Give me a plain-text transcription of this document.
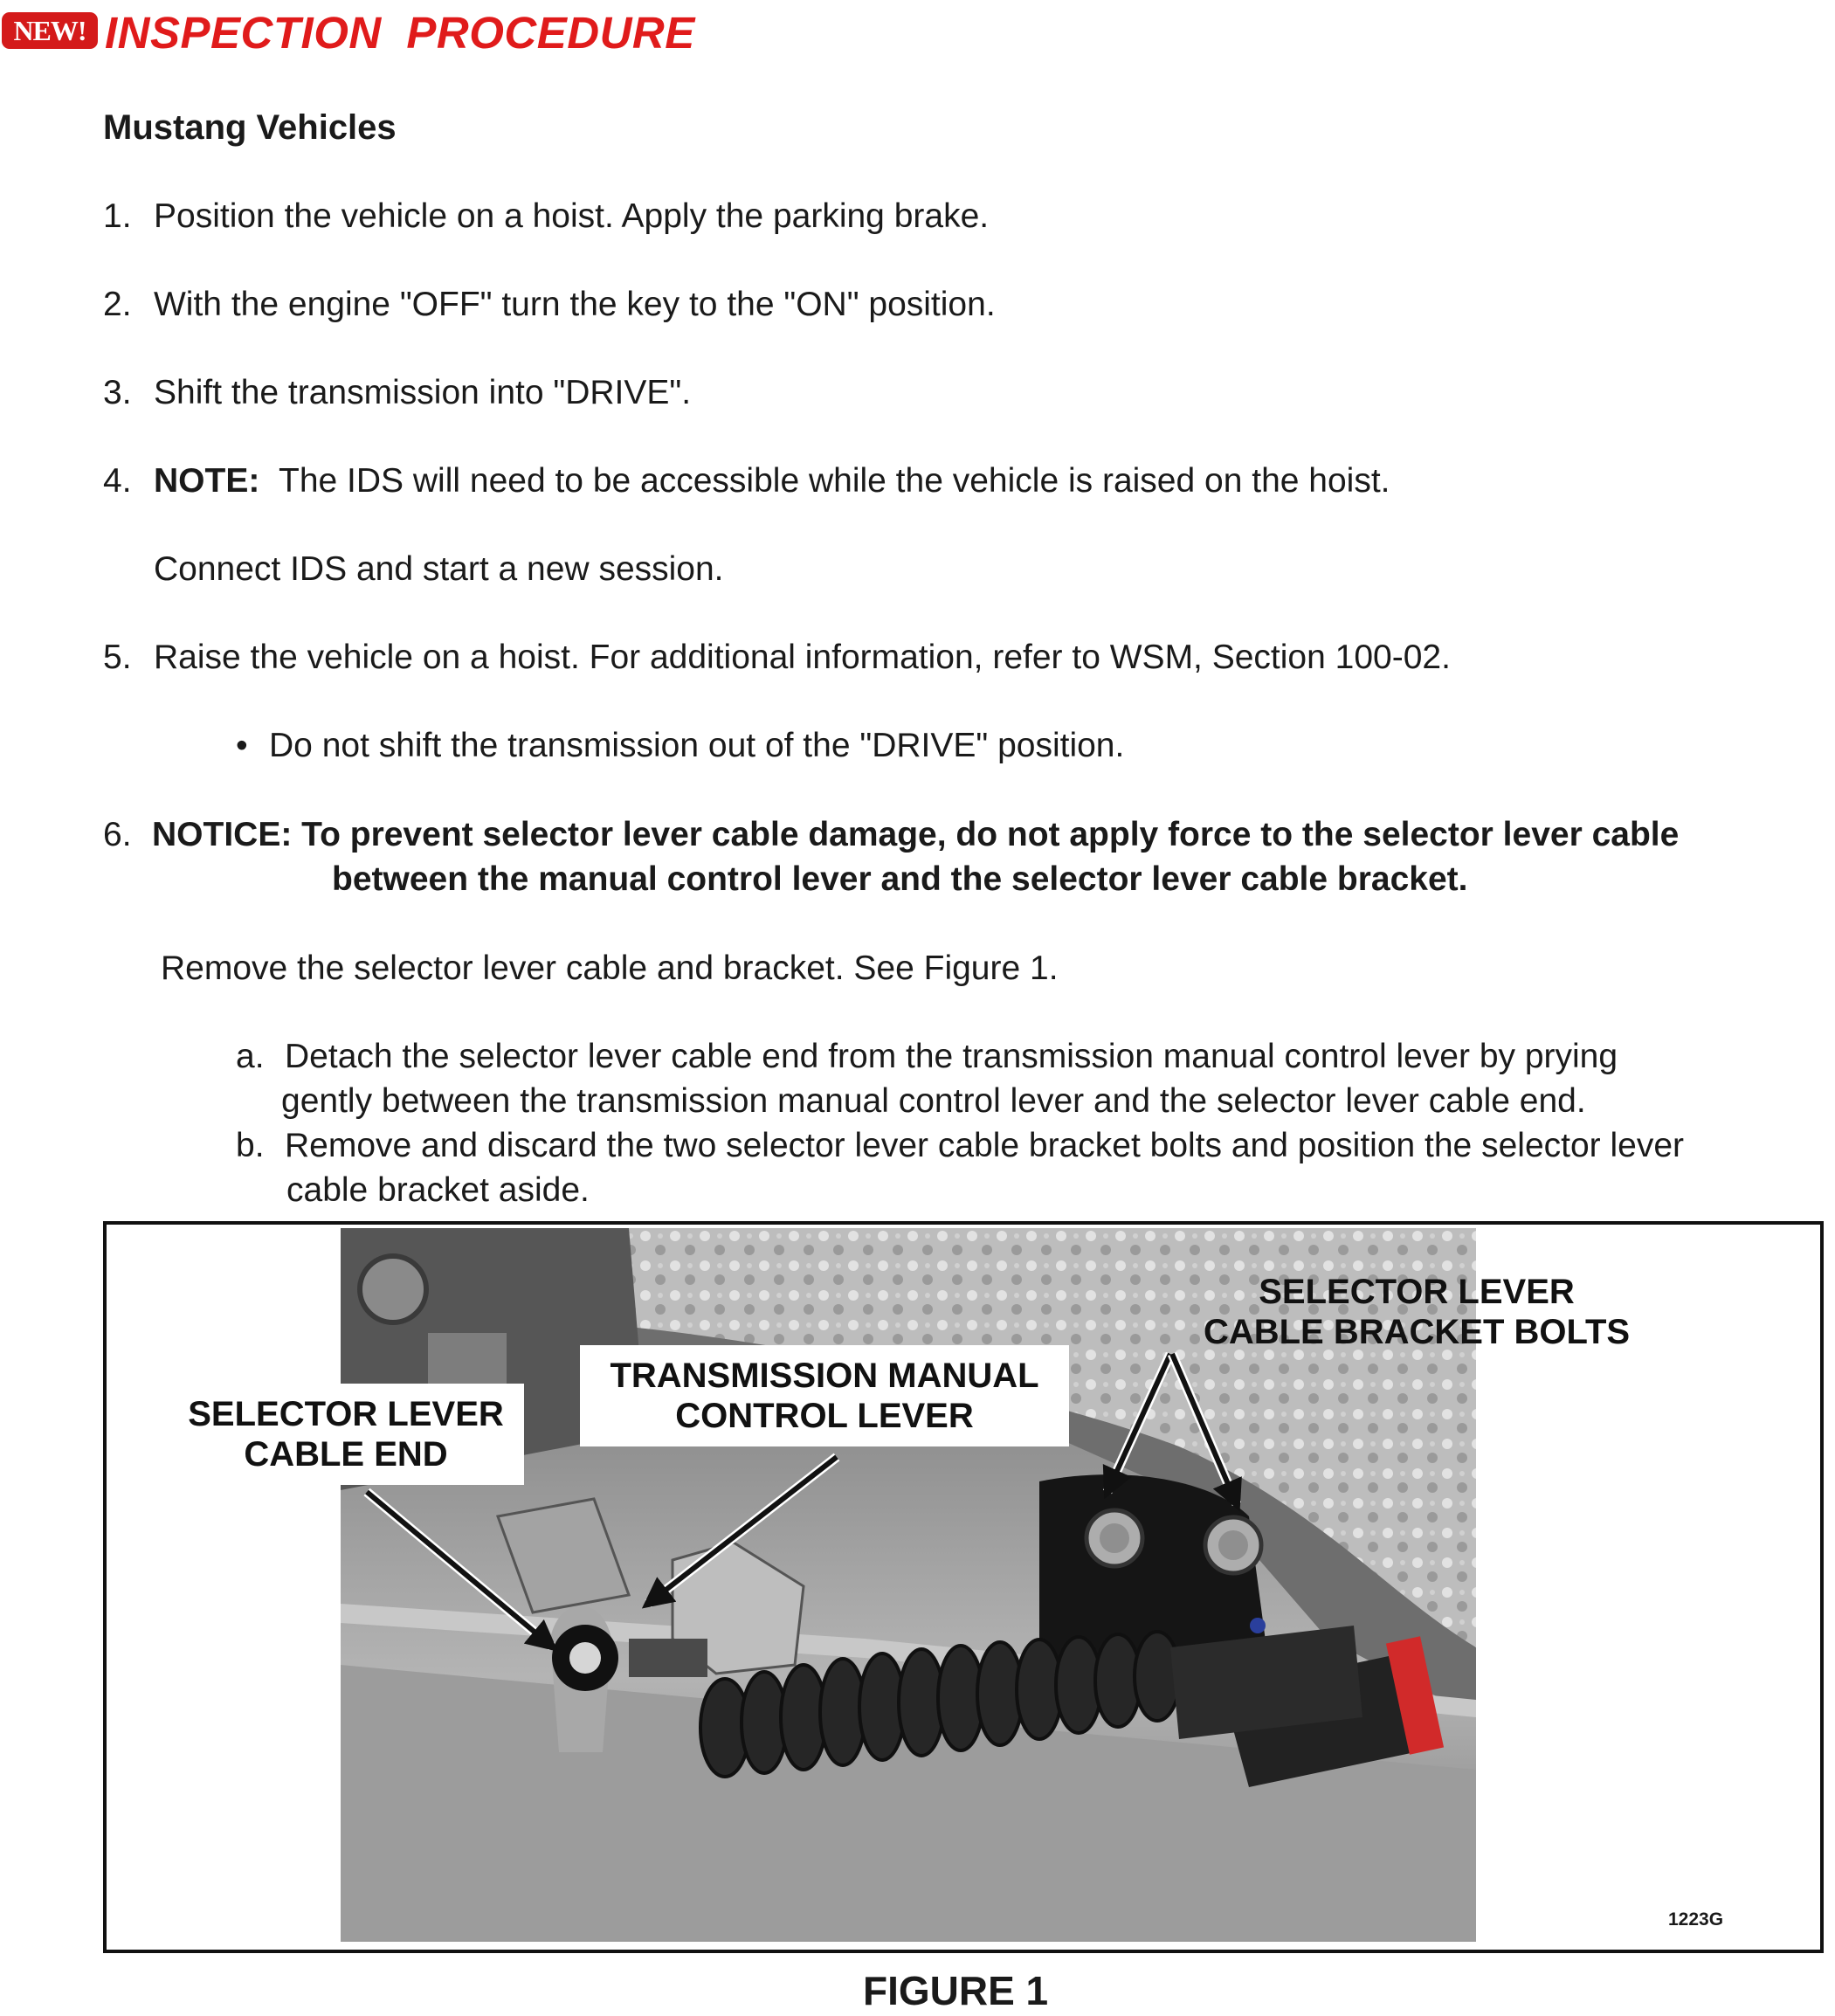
NEW! INSPECTION PROCEDURE
Mustang Vehicles
1. Position the vehicle on a hoist. Apply the parking brake.
2. With the engine "OFF" turn the key to the "ON" position.
3. Shift the transmission into "DRIVE".
4. NOTE: The IDS will need to be accessible while the vehicle is raised on the hoist.
Connect IDS and start a new session.
5. Raise the vehicle on a hoist. For additional information, refer to WSM, Section 100-02.
• Do not shift the transmission out of the "DRIVE" position.
6. NOTICE: To prevent selector lever cable damage, do not apply force to the selector lever cable
between the manual control lever and the selector lever cable bracket.
Remove the selector lever cable and bracket. See Figure 1.
a. Detach the selector lever cable end from the transmission manual control lever by prying
gently between the transmission manual control lever and the selector lever cable end.
b. Remove and discard the two selector lever cable bracket bolts and position the selector lever
cable bracket aside.
SELECTOR LEVER
CABLE END
TRANSMISSION MANUAL
CONTROL LEVER
SELECTOR LEVER
CABLE BRACKET BOLTS
1223G
FIGURE 1
